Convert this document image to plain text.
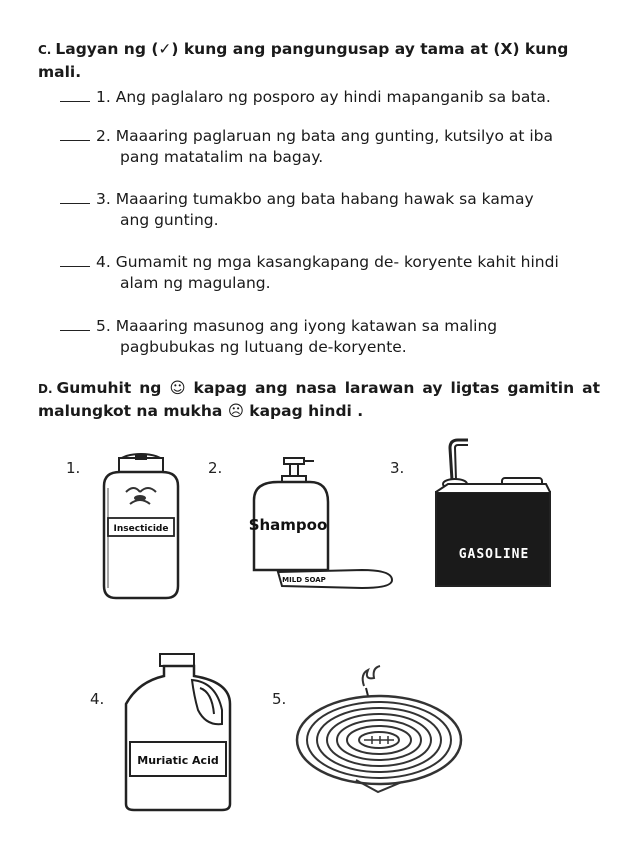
C. Lagyan ng (✓) kung ang pangungusap ay tama at (X) kung mali.
1. Ang paglalaro ng posporo ay hindi mapanganib sa bata.
2. Maaaring paglaruan ng bata ang gunting, kutsilyo at iba
pang matatalim na bagay.
3. Maaaring tumakbo ang bata habang hawak sa kamay
ang gunting.
4. Gumamit ng mga kasangkapang de- koryente kahit hindi
alam ng magulang.
5. Maaaring masunog ang iyong katawan sa maling
pagbubukas ng lutuang de-koryente.
D. Gumuhit ng ☺ kapag ang nasa larawan ay ligtas gamitin at malungkot na mukha ☹ kapag hindi .
1.	2.	3.
4.	5.
Insecticide	Shampoo
MILD SOAP
GASOLINE
Muriatic Acid
